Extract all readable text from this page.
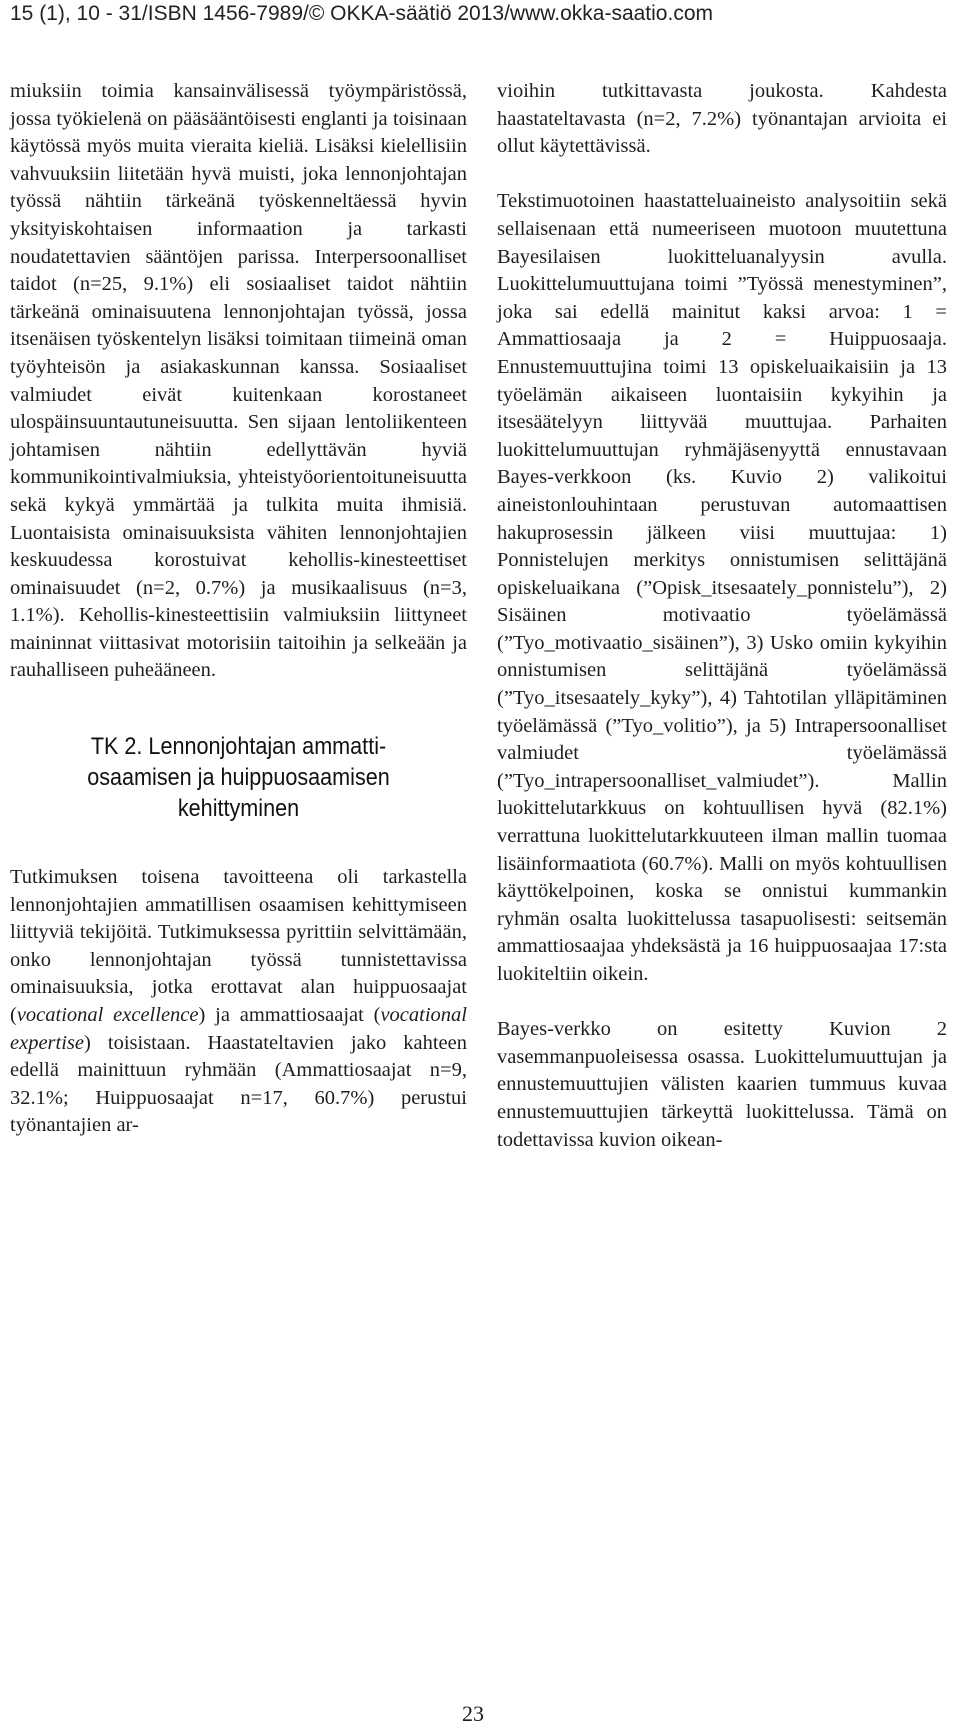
15 (1), 10 - 31/ISBN 1456-7989/© OKKA-säätiö 2013/www.okka-saatio.com

miuksiin toimia kansainvälisessä työympäristössä, jossa työkielenä on pääsääntöisesti englanti ja toisinaan käytössä myös muita vieraita kieliä. Lisäksi kielellisiin vahvuuksiin liitetään hyvä muisti, joka lennonjohtajan työssä nähtiin tärkeänä työskenneltäessä hyvin yksityiskohtaisen informaation ja tarkasti noudatettavien sääntöjen parissa. Interpersoonalliset taidot (n=25, 9.1%) eli sosiaaliset taidot nähtiin tärkeänä ominaisuutena lennonjohtajan työssä, jossa itsenäisen työskentelyn lisäksi toimitaan tiimeinä oman työyhteisön ja asiakaskunnan kanssa. Sosiaaliset valmiudet eivät kuitenkaan korostaneet ulospäinsuuntautuneisuutta. Sen sijaan lentoliikenteen johtamisen nähtiin edellyttävän hyviä kommunikointivalmiuksia, yhteistyöorientoituneisuutta sekä kykyä ymmärtää ja tulkita muita ihmisiä. Luontaisista ominaisuuksista vähiten lennonjohtajien keskuudessa korostuivat kehollis-kinesteettiset ominaisuudet (n=2, 0.7%) ja musikaalisuus (n=3, 1.1%). Kehollis-kinesteettisiin valmiuksiin liittyneet maininnat viittasivat motorisiin taitoihin ja selkeään ja rauhalliseen puheääneen.

TK 2. Lennonjohtajan ammatti-
osaamisen ja huippuosaamisen
kehittyminen

Tutkimuksen toisena tavoitteena oli tarkastella lennonjohtajien ammatillisen osaamisen kehittymiseen liittyviä tekijöitä. Tutkimuksessa pyrittiin selvittämään, onko lennonjohtajan työssä tunnistettavissa ominaisuuksia, jotka erottavat alan huippuosaajat (vocational excellence) ja ammattiosaajat (vocational expertise) toisistaan. Haastateltavien jako kahteen edellä mainittuun ryhmään (Ammattiosaajat n=9, 32.1%; Huippuosaajat n=17, 60.7%) perustui työnantajien ar-

vioihin tutkittavasta joukosta. Kahdesta haastateltavasta (n=2, 7.2%) työnantajan arvioita ei ollut käytettävissä.

Tekstimuotoinen haastatteluaineisto analysoitiin sekä sellaisenaan että numeeriseen muotoon muutettuna Bayesilaisen luokitteluanalyysin avulla. Luokittelumuuttujana toimi ”Työssä menestyminen”, joka sai edellä mainitut kaksi arvoa: 1 = Ammattiosaaja ja 2 = Huippuosaaja. Ennustemuuttujina toimi 13 opiskeluaikaisiin ja 13 työelämän aikaiseen luontaisiin kykyihin ja itsesäätelyyn liittyvää muuttujaa. Parhaiten luokittelumuuttujan ryhmäjäsenyyttä ennustavaan Bayes-verkkoon (ks. Kuvio 2) valikoitui aineistonlouhintaan perustuvan automaattisen hakuprosessin jälkeen viisi muuttujaa: 1) Ponnistelujen merkitys onnistumisen selittäjänä opiskeluaikana (”Opisk_itsesaately_ponnistelu”), 2) Sisäinen motivaatio työelämässä (”Tyo_motivaatio_sisäinen”), 3) Usko omiin kykyihin onnistumisen selittäjänä työelämässä (”Tyo_itsesaately_kyky”), 4) Tahtotilan ylläpitäminen työelämässä (”Tyo_volitio”), ja 5) Intrapersoonalliset valmiudet työelämässä (”Tyo_intrapersoonalliset_valmiudet”). Mallin luokittelutarkkuus on kohtuullisen hyvä (82.1%) verrattuna luokittelutarkkuuteen ilman mallin tuomaa lisäinformaatiota (60.7%). Malli on myös kohtuullisen käyttökelpoinen, koska se onnistui kummankin ryhmän osalta luokittelussa tasapuolisesti: seitsemän ammattiosaajaa yhdeksästä ja 16 huippuosaajaa 17:sta luokiteltiin oikein.

Bayes-verkko on esitetty Kuvion 2 vasemmanpuoleisessa osassa. Luokittelumuuttujan ja ennustemuuttujien välisten kaarien tummuus kuvaa ennustemuuttujien tärkeyttä luokittelussa. Tämä on todettavissa kuvion oikean-

23
